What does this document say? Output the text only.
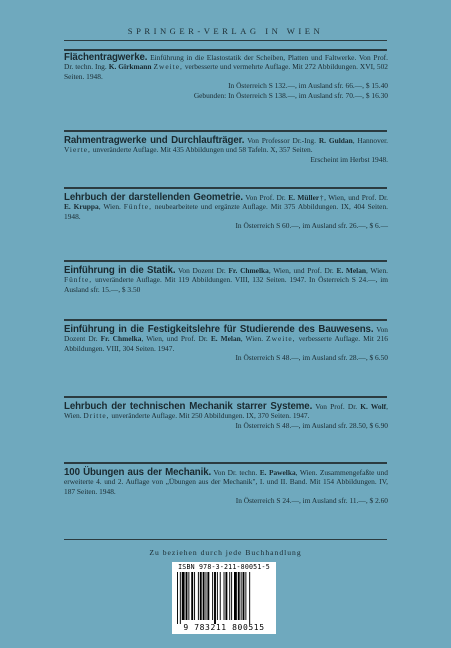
SPRINGER-VERLAG IN WIEN
Flächentragwerke. Einführung in die Elastostatik der Scheiben, Platten und Faltwerke. Von Prof. Dr. techn. Ing. K. Girkmann Zweite, verbesserte und vermehrte Auflage. Mit 272 Abbildungen. XVI, 502 Seiten. 1948.
In Österreich S 132.—, im Ausland sfr. 66.—, $ 15.40
Gebunden: In Österreich S 138.—, im Ausland sfr. 70.—, $ 16.30
Rahmentragwerke und Durchlaufträger. Von Professor Dr.-Ing. R. Guldan, Hannover. Vierte, unveränderte Auflage. Mit 435 Abbildungen und 58 Tafeln. X, 357 Seiten.
Erscheint im Herbst 1948.
Lehrbuch der darstellenden Geometrie. Von Prof. Dr. E. Müller†, Wien, und Prof. Dr. E. Kruppa, Wien. Fünfte, neubearbeitete und ergänzte Auflage. Mit 375 Abbildungen. IX, 404 Seiten. 1948.
In Österreich S 60.—, im Ausland sfr. 26.—, $ 6.—
Einführung in die Statik. Von Dozent Dr. Fr. Chmelka, Wien, und Prof. Dr. E. Melan, Wien. Fünfte, unveränderte Auflage. Mit 119 Abbildungen. VIII, 132 Seiten. 1947. In Österreich S 24.—, im Ausland sfr. 15.—, $ 3.50
Einführung in die Festigkeitslehre für Studierende des Bauwesens. Von Dozent Dr. Fr. Chmelka, Wien, und Prof. Dr. E. Melan, Wien. Zweite, verbesserte Auflage. Mit 216 Abbildungen. VIII, 304 Seiten. 1947.
In Österreich S 48.—, im Ausland sfr. 28.—, $ 6.50
Lehrbuch der technischen Mechanik starrer Systeme. Von Prof. Dr. K. Wolf, Wien. Dritte, unveränderte Auflage. Mit 250 Abbildungen. IX, 370 Seiten. 1947.
In Österreich S 48.—, im Ausland sfr. 28.50, $ 6.90
100 Übungen aus der Mechanik. Von Dr. techn. E. Pawelka, Wien. Zusammengefaßte und erweiterte 4. und 2. Auflage von „Übungen aus der Mechanik", I. und II. Band. Mit 154 Abbildungen. IV, 187 Seiten. 1948.
In Österreich S 24.—, im Ausland sfr. 11.—, $ 2.60
Zu beziehen durch jede Buchhandlung
ISBN 978-3-211-80051-5
9 783211 800515
